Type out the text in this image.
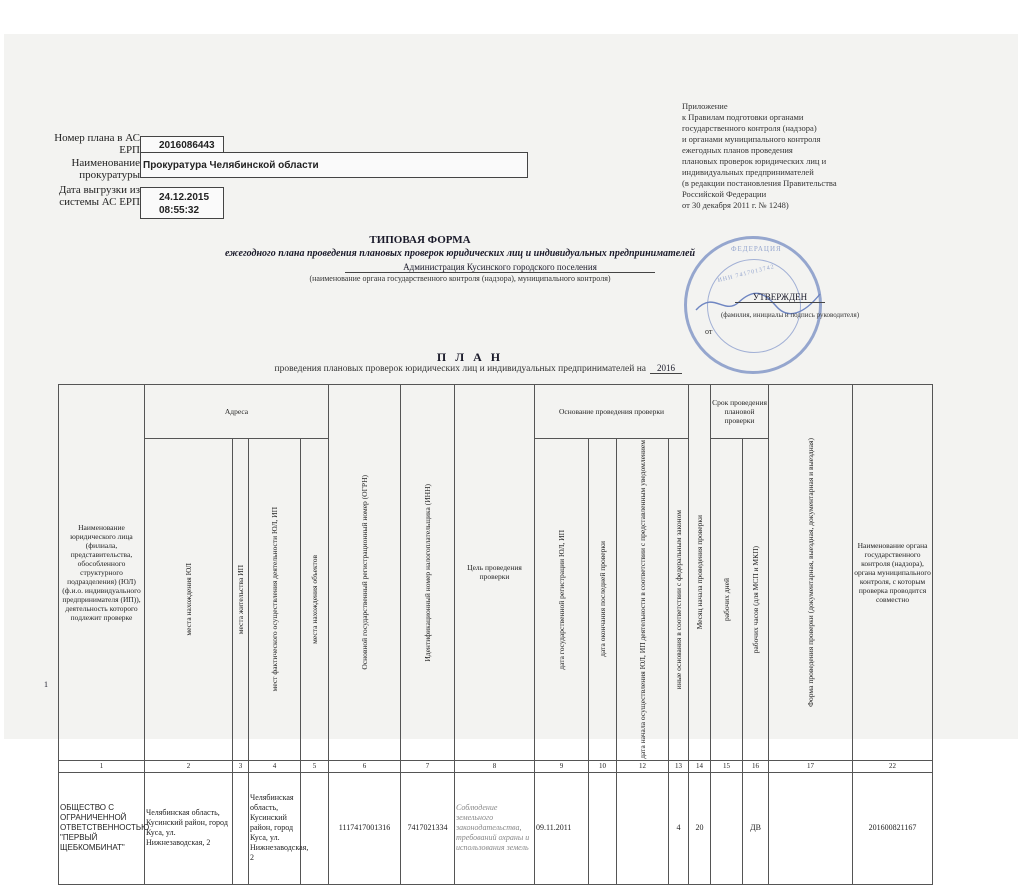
Номер плана в АС ЕРП	2016086443
Наименование прокуратуры
Прокуратура Челябинской области
Дата выгрузки из системы АС ЕРП 24.12.2015
08:55:32
Приложение
к Правилам подготовки органами
государственного контроля (надзора)
и органами муниципального контроля
ежегодных планов проведения
плановых проверок юридических лиц и
индивидуальных предпринимателей
(в редакции постановления Правительства
Российской Федерации
от 30 декабря 2011 г. № 1248)
ТИПОВАЯ ФОРМА
ежегодного плана проведения плановых проверок юридических лиц и индивидуальных предпринимателей
Администрация Кусинского городского поселения
(наименование органа государственного контроля (надзора), муниципального контроля)
ФЕДЕРАЦИЯ
ИНН 7417013742
УТВЕРЖДЕН
(фамилия, инициалы и подпись руководителя)
от
П Л А Н
проведения плановых проверок юридических лиц и индивидуальных предпринимателей на	2016
Наименование юридического лица (филиала, представительства, обособленного структурного подразделения) (ЮЛ) (ф.и.о. индивидуального предпринимателя (ИП)), деятельность которого подлежит проверке	Адреса				Основной государственный регистрационный номер (ОГРН)	Идентификационный номер налогоплательщика (ИНН)	Цель проведения проверки	Основание проведения проверки				Месяц начала проведения проверки	Срок проведения плановой проверки		Форма проведения проверки (документарная, выездная, документарная и выездная)	Наименование органа государственного контроля (надзора), органа муниципального контроля, с которым проверка проводится совместно	

	места нахождения ЮЛ	места жительства ИП	мест фактического осуществления деятельности ЮЛ, ИП	места нахождения объектов				дата государственной регистрации ЮЛ, ИП	дата окончания последней проверки	дата начала осуществления ЮЛ, ИП деятельности в соответствии с представленным уведомлением	иные основания в соответствии с федеральным законом		рабочих дней	рабочих часов (для МСП и МКП)			

1	2	3	4	5	6	7	8	9	10	12	13	14	15	16	17	22	
ОБЩЕСТВО С ОГРАНИЧЕННОЙ ОТВЕТСТВЕННОСТЬЮ "ПЕРВЫЙ ЩЕБКОМБИНАТ"	Челябинская область, Кусинский район, город Куса, ул. Нижнезаводская, 2		Челябинская область, Кусинский район, город Куса, ул. Нижнезаводская, 2		1117417001316	7417021334	Соблюдение земельного законодательства, требований охраны и использования земель	09.11.2011			4	20		ДВ		201600821167	
1
